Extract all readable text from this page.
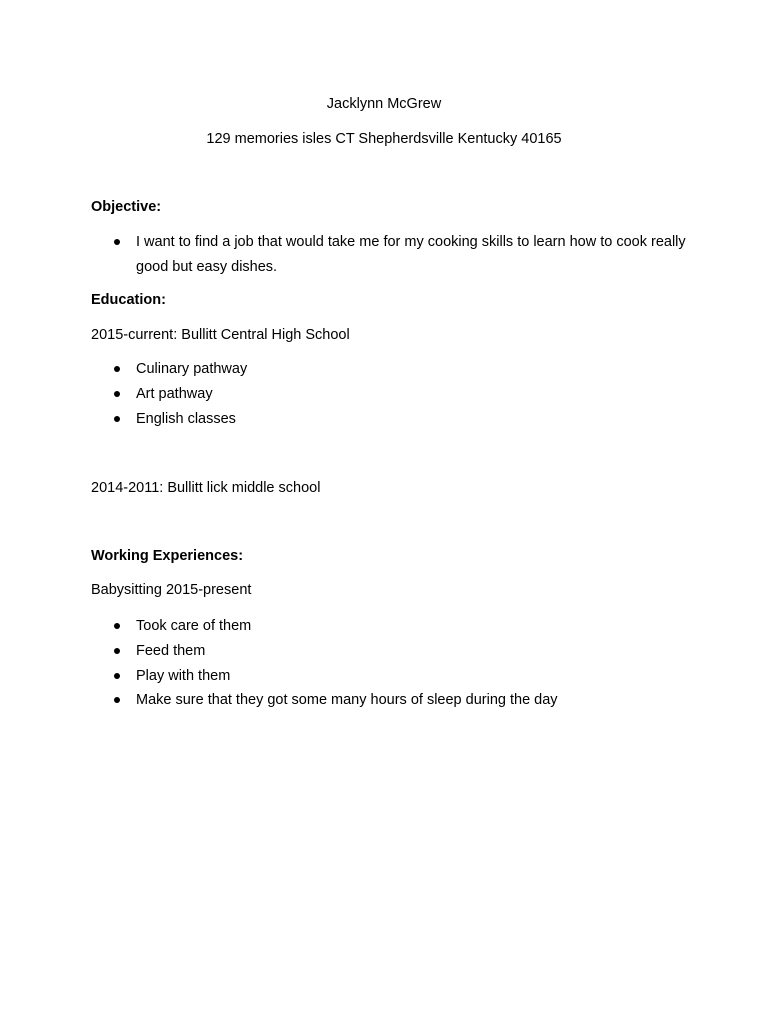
Jacklynn McGrew
129 memories isles CT Shepherdsville Kentucky 40165
Objective:
I want to find a job that would take me for my cooking skills to learn how to cook really good but easy dishes.
Education:
2015-current: Bullitt Central High School
Culinary pathway
Art pathway
English classes
2014-2011: Bullitt lick middle school
Working Experiences:
Babysitting 2015-present
Took care of them
Feed them
Play with them
Make sure that they got some many hours of sleep during the day
